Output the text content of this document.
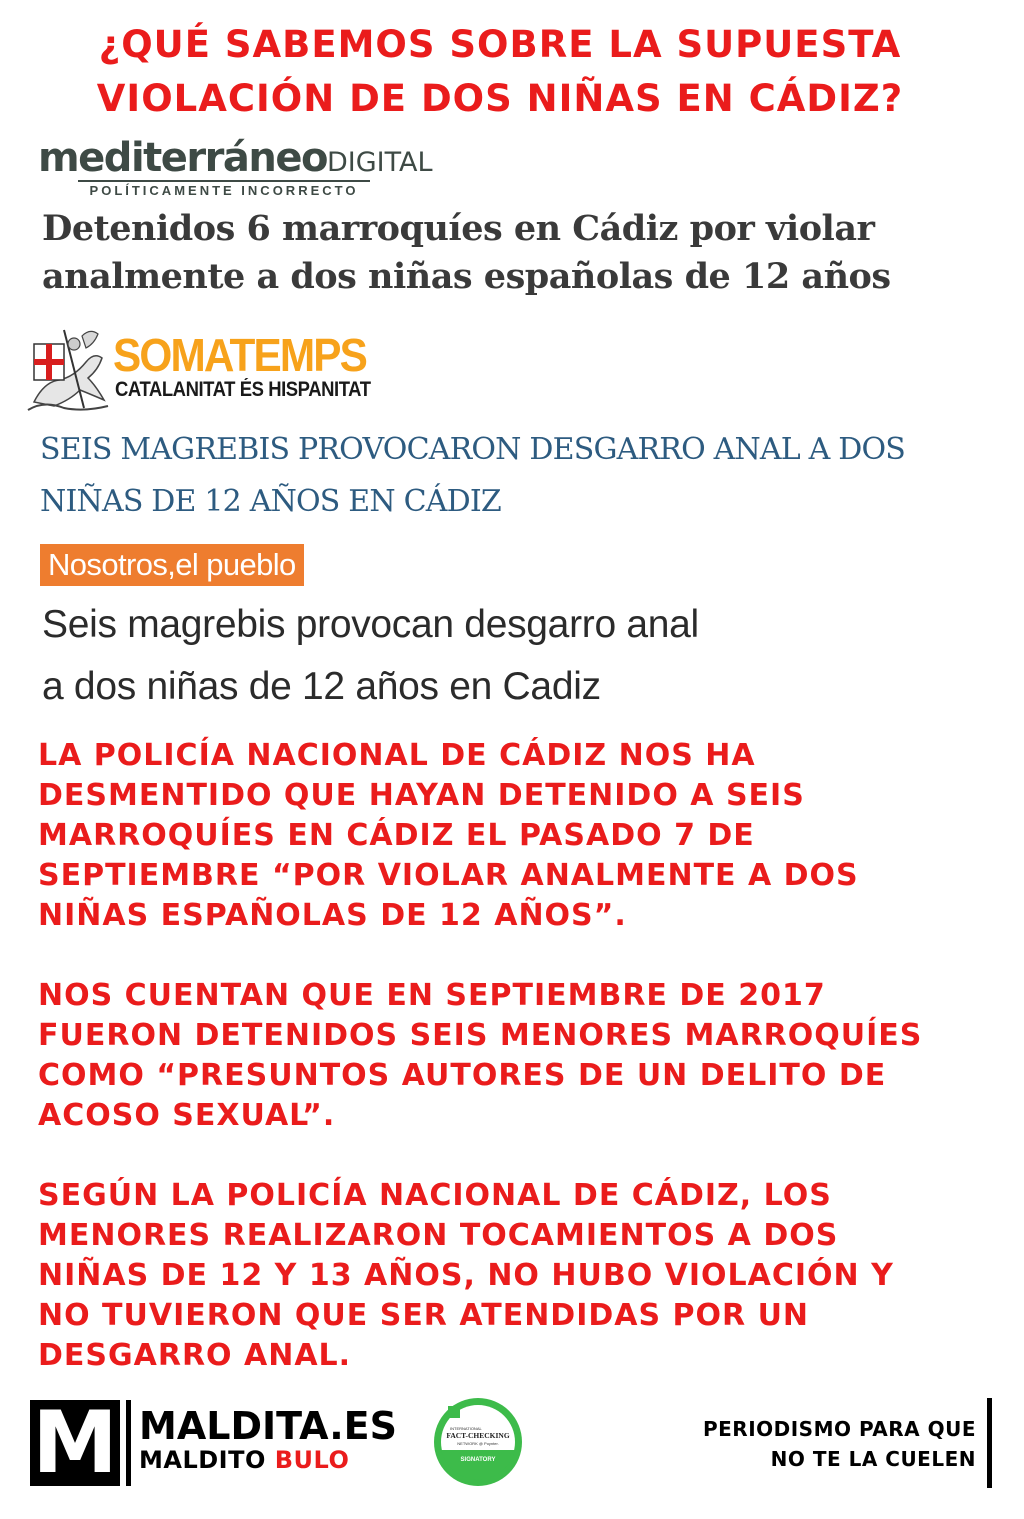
¿QUÉ SABEMOS SOBRE LA SUPUESTA
VIOLACIÓN DE DOS NIÑAS EN CÁDIZ?
mediterráneoDIGITAL
POLÍTICAMENTE INCORRECTO
Detenidos 6 marroquíes en Cádiz por violar
analmente a dos niñas españolas de 12 años
SOMATEMPS
CATALANITAT ÉS HISPANITAT
SEIS MAGREBIS PROVOCARON DESGARRO ANAL A DOS
NIÑAS DE 12 AÑOS EN CÁDIZ
Nosotros,el pueblo
Seis magrebis provocan desgarro anal
a dos niñas de 12 años en Cadiz
LA POLICÍA NACIONAL DE CÁDIZ NOS HA
DESMENTIDO QUE HAYAN DETENIDO A SEIS
MARROQUÍES EN CÁDIZ EL PASADO 7 DE
SEPTIEMBRE “POR VIOLAR ANALMENTE A DOS
NIÑAS ESPAÑOLAS DE 12 AÑOS”.
NOS CUENTAN QUE EN SEPTIEMBRE DE 2017
FUERON DETENIDOS SEIS MENORES MARROQUÍES
COMO “PRESUNTOS AUTORES DE UN DELITO DE
ACOSO SEXUAL”.
SEGÚN LA POLICÍA NACIONAL DE CÁDIZ, LOS
MENORES REALIZARON TOCAMIENTOS A DOS
NIÑAS DE 12 Y 13 AÑOS, NO HUBO VIOLACIÓN Y
NO TUVIERON QUE SER ATENDIDAS POR UN
DESGARRO ANAL.
M MALDITA.ES
MALDITO BULO
INTERNATIONAL
FACT-CHECKING
NETWORK @ Poynter.
SIGNATORY
PERIODISMO PARA QUE
NO TE LA CUELEN
